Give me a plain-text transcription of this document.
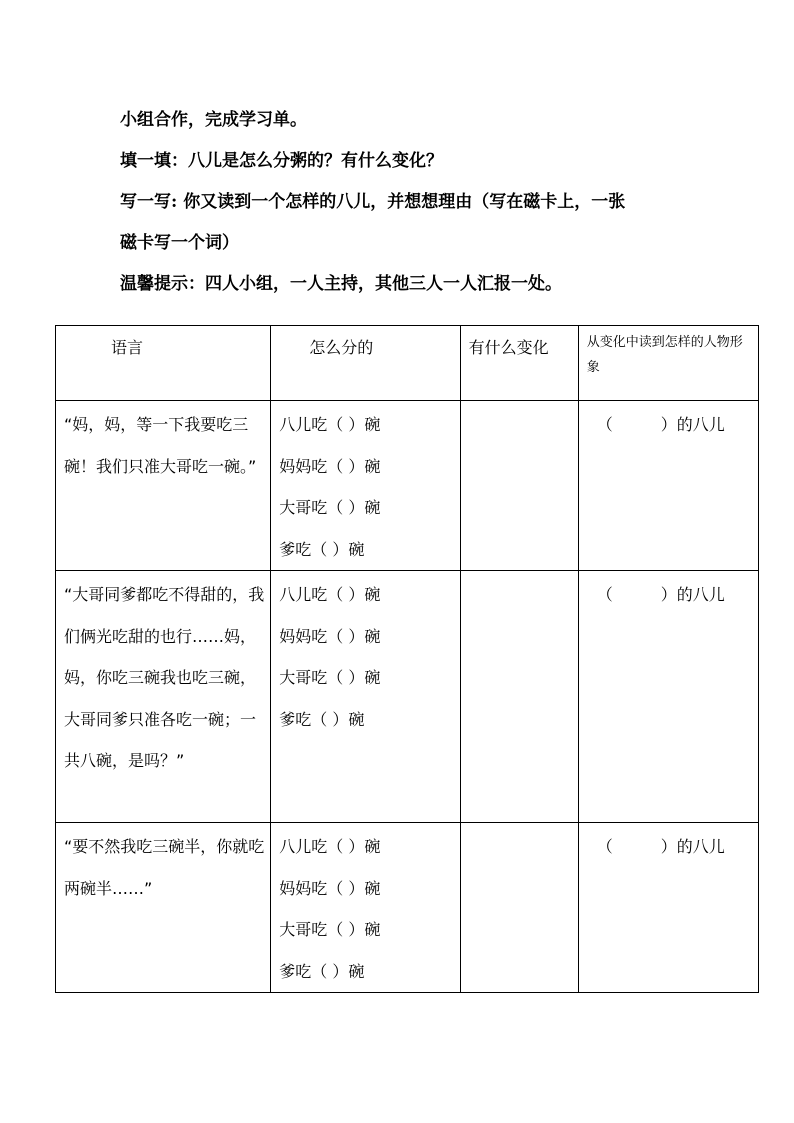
小组合作，完成学习单。

填一填：八儿是怎么分粥的？有什么变化？

写一写: 你又读到一个怎样的八儿，并想想理由（写在磁卡上，一张

磁卡写一个词）

温馨提示：四人小组，一人主持，其他三人一人汇报一处。

语言	怎么分的	有什么变化	从变化中读到怎样的人物形象
“妈，妈，等一下我要吃三碗！我们只准大哥吃一碗。”	八儿吃（ ）碗
妈妈吃（ ）碗
大哥吃（ ）碗
爹吃（ ）碗		（　　　）的八儿
“大哥同爹都吃不得甜的，我们俩光吃甜的也行……妈，妈，你吃三碗我也吃三碗，大哥同爹只准各吃一碗；一共八碗，是吗？”	八儿吃（ ）碗
妈妈吃（ ）碗
大哥吃（ ）碗
爹吃（ ）碗		（　　　）的八儿
“要不然我吃三碗半，你就吃两碗半……”	八儿吃（ ）碗
妈妈吃（ ）碗
大哥吃（ ）碗
爹吃（ ）碗		（　　　）的八儿
